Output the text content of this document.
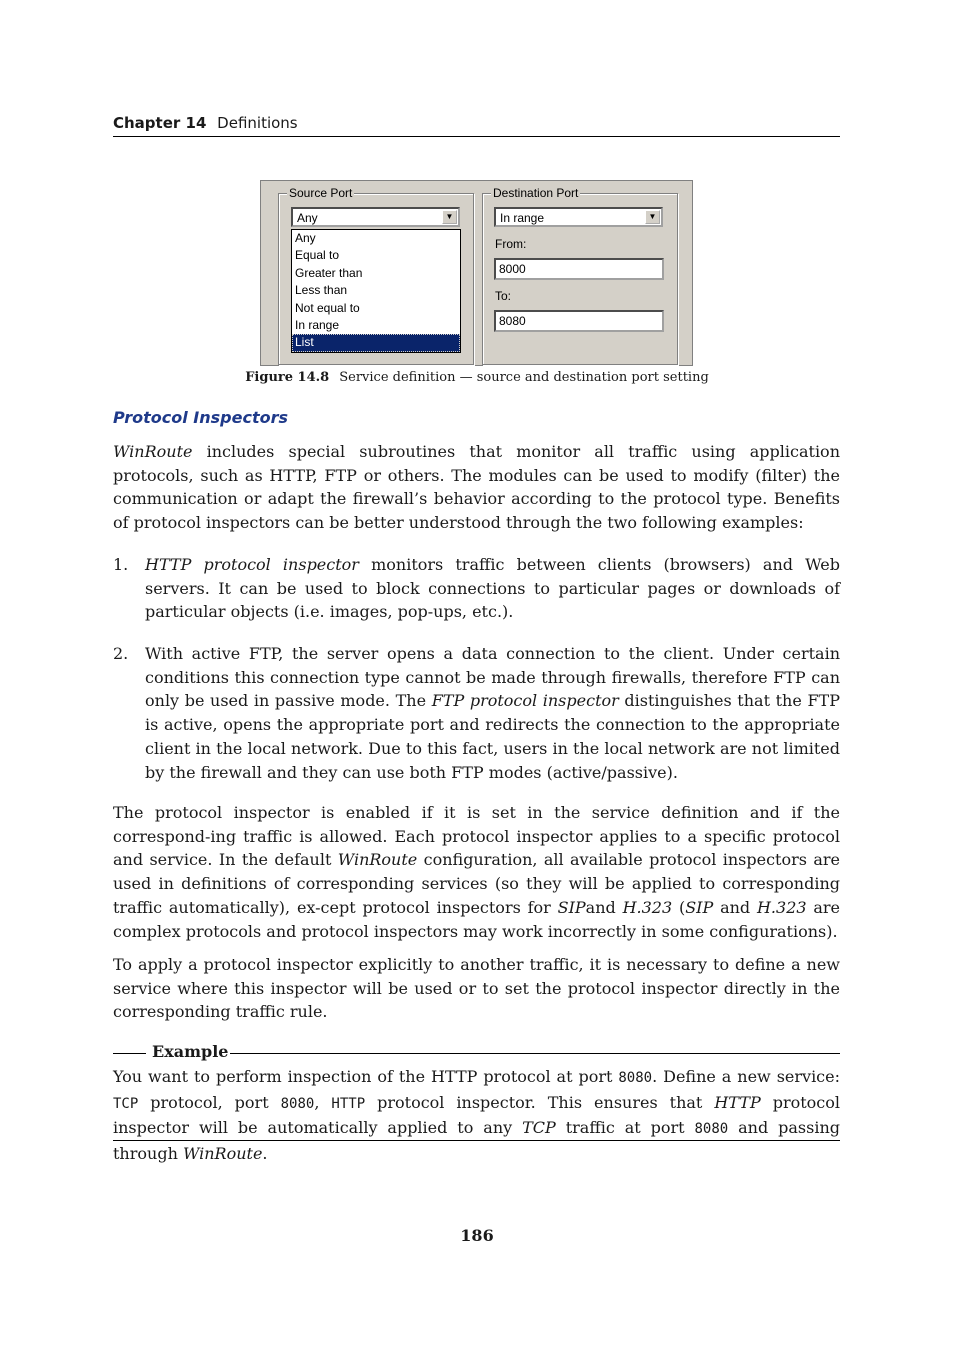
Chapter 14 Definitions
Source Port
Any	▼
Any
Equal to
Greater than
Less than
Not equal to
In range
List
Destination Port
In range	▼
From:
8000
To:
8080
Figure 14.8 Service definition — source and destination port setting
Protocol Inspectors
WinRoute includes special subroutines that monitor all traffic using application protocols, such as HTTP, FTP or others. The modules can be used to modify (filter) the communication or adapt the firewall’s behavior according to the protocol type. Benefits of protocol inspectors can be better understood through the two following examples:
1.	HTTP protocol inspector monitors traffic between clients (browsers) and Web servers. It can be used to block connections to particular pages or downloads of particular objects (i.e. images, pop-ups, etc.).
2.	With active FTP, the server opens a data connection to the client. Under certain conditions this connection type cannot be made through firewalls, therefore FTP can only be used in passive mode. The FTP protocol inspector distinguishes that the FTP is active, opens the appropriate port and redirects the connection to the appropriate client in the local network. Due to this fact, users in the local network are not limited by the firewall and they can use both FTP modes (active/passive).
The protocol inspector is enabled if it is set in the service definition and if the correspond-ing traffic is allowed. Each protocol inspector applies to a specific protocol and service. In the default WinRoute configuration, all available protocol inspectors are used in definitions of corresponding services (so they will be applied to corresponding traffic automatically), ex-cept protocol inspectors for SIPand H.323 (SIP and H.323 are complex protocols and protocol inspectors may work incorrectly in some configurations).
To apply a protocol inspector explicitly to another traffic, it is necessary to define a new service where this inspector will be used or to set the protocol inspector directly in the corresponding traffic rule.
Example
You want to perform inspection of the HTTP protocol at port 8080. Define a new service: TCP protocol, port 8080, HTTP protocol inspector. This ensures that HTTP protocol inspector will be automatically applied to any TCP traffic at port 8080 and passing through WinRoute.
186
